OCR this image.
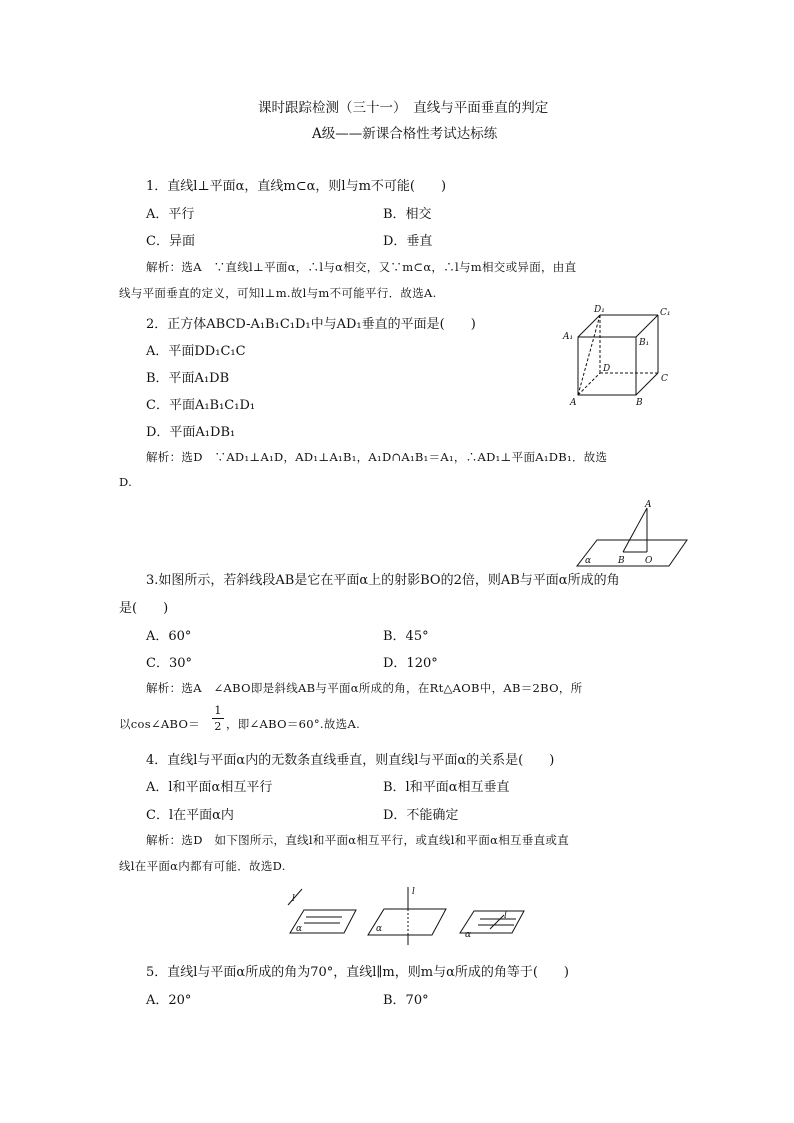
课时跟踪检测（三十一）　直线与平面垂直的判定
A级——新课合格性考试达标练
1．直线l⊥平面α，直线m⊂α，则l与m不可能(　　)
A．平行	B．相交
C．异面	D．垂直
解析：选A　∵直线l⊥平面α，∴l与α相交，又∵m⊂α，∴l与m相交或异面，由直
线与平面垂直的定义，可知l⊥m.故l与m不可能平行．故选A.
2．正方体ABCD-A₁B₁C₁D₁中与AD₁垂直的平面是(　　)
A．平面DD₁C₁C
B．平面A₁DB
C．平面A₁B₁C₁D₁
D．平面A₁DB₁
解析：选D　∵AD₁⊥A₁D，AD₁⊥A₁B₁，A₁D∩A₁B₁＝A₁，∴AD₁⊥平面A₁DB₁．故选
D.
A	B
C
D
A₁
B₁
C₁
D₁
A
B O
α
3.如图所示，若斜线段AB是它在平面α上的射影BO的2倍，则AB与平面α所成的角
是(　　)
A．60°	B．45°
C．30°	D．120°
解析：选A　∠ABO即是斜线AB与平面α所成的角，在Rt△AOB中，AB＝2BO，所
以cos∠ABO＝
1
2 ，即∠ABO＝60°.故选A.
4．直线l与平面α内的无数条直线垂直，则直线l与平面α的关系是(　　)
A．l和平面α相互平行	B．l和平面α相互垂直
C．l在平面α内	D．不能确定
解析：选D　如下图所示，直线l和平面α相互平行，或直线l和平面α相互垂直或直
线l在平面α内都有可能．故选D.
l
α
l
α
l
α
5．直线l与平面α所成的角为70°，直线l∥m，则m与α所成的角等于(　　)
A．20°	B．70°
